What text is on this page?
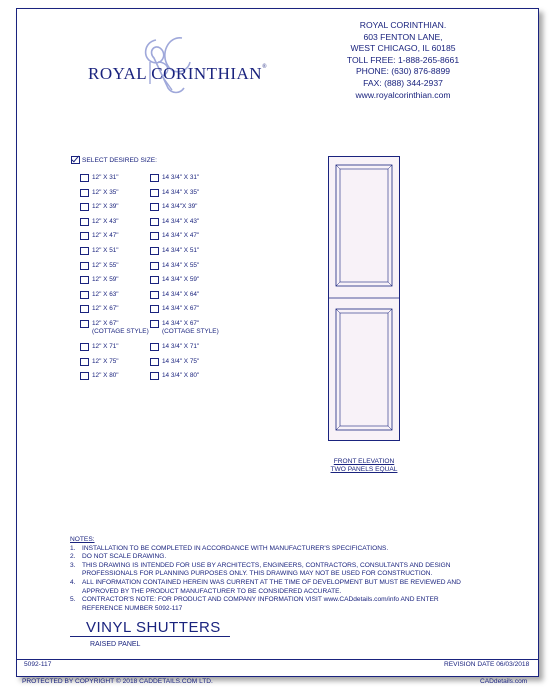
ROYAL CORINTHIAN®
ROYAL CORINTHIAN.
603 FENTON LANE,
WEST CHICAGO, IL 60185
TOLL FREE: 1-888-265-8661
PHONE: (630) 876-8899
FAX: (888) 344-2937
www.royalcorinthian.com
SELECT DESIRED SIZE:
12" X 31"
12" X 35"
12" X 39"
12" X 43"
12" X 47"
12" X 51"
12" X 55"
12" X 59"
12" X 63"
12" X 67"
12" X 67"
(COTTAGE STYLE)
12" X 71"
12" X 75"
12" X 80"
14 3/4" X 31"
14 3/4" X 35"
14 3/4"X 39"
14 3/4" X 43"
14 3/4" X 47"
14 3/4" X 51"
14 3/4" X 55"
14 3/4" X 59"
14 3/4" X 64"
14 3/4" X 67"
14 3/4" X 67"
(COTTAGE STYLE)
14 3/4" X 71"
14 3/4" X 75"
14 3/4" X 80"
FRONT ELEVATION
TWO PANELS EQUAL
NOTES:
1. INSTALLATION TO BE COMPLETED IN ACCORDANCE WITH MANUFACTURER'S SPECIFICATIONS.
2. DO NOT SCALE DRAWING.
3. THIS DRAWING IS INTENDED FOR USE BY ARCHITECTS, ENGINEERS, CONTRACTORS, CONSULTANTS AND DESIGN
PROFESSIONALS FOR PLANNING PURPOSES ONLY. THIS DRAWING MAY NOT BE USED FOR CONSTRUCTION.
4. ALL INFORMATION CONTAINED HEREIN WAS CURRENT AT THE TIME OF DEVELOPMENT BUT MUST BE REVIEWED AND
APPROVED BY THE PRODUCT MANUFACTURER TO BE CONSIDERED ACCURATE.
5. CONTRACTOR'S NOTE: FOR PRODUCT AND COMPANY INFORMATION VISIT www.CADdetails.com/info AND ENTER
REFERENCE NUMBER 5092-117
VINYL SHUTTERS
RAISED PANEL
5092-117	REVISION DATE 06/03/2018
PROTECTED BY COPYRIGHT © 2018 CADDETAILS.COM LTD.	CADdetails.com
